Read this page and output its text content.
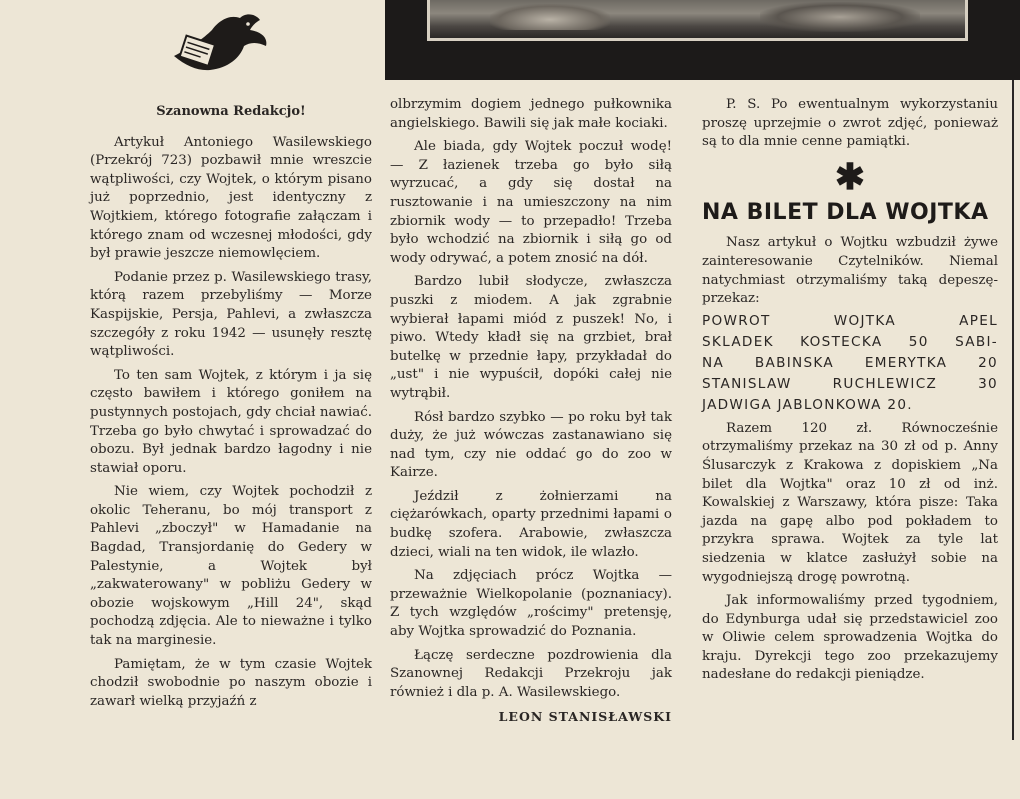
Szanowna Redakcjo!

Artykuł Antoniego Wasilewskiego (Przekrój 723) pozbawił mnie wreszcie wątpliwości, czy Wojtek, o którym pisano już poprzednio, jest identyczny z Wojtkiem, którego fotografie załączam i którego znam od wczesnej młodości, gdy był prawie jeszcze niemowlęciem.

Podanie przez p. Wasilewskiego trasy, którą razem przebyliśmy — Morze Kaspijskie, Persja, Pahlevi, a zwłaszcza szczegóły z roku 1942 — usunęły resztę wątpliwości.

To ten sam Wojtek, z którym i ja się często bawiłem i którego goniłem na pustynnych postojach, gdy chciał nawiać. Trzeba go było chwytać i sprowadzać do obozu. Był jednak bardzo łagodny i nie stawiał oporu.

Nie wiem, czy Wojtek pochodził z okolic Teheranu, bo mój transport z Pahlevi „zboczył" w Hamadanie na Bagdad, Transjordanię do Gedery w Palestynie, a Wojtek był „zakwaterowany" w pobliżu Gedery w obozie wojskowym „Hill 24", skąd pochodzą zdjęcia. Ale to nieważne i tylko tak na marginesie.

Pamiętam, że w tym czasie Wojtek chodził swobodnie po naszym obozie i zawarł wielką przyjaźń z

olbrzymim dogiem jednego pułkownika angielskiego. Bawili się jak małe kociaki.

Ale biada, gdy Wojtek poczuł wodę! — Z łazienek trzeba go było siłą wyrzucać, a gdy się dostał na rusztowanie i na umieszczony na nim zbiornik wody — to przepadło! Trzeba było wchodzić na zbiornik i siłą go od wody odrywać, a potem znosić na dół.

Bardzo lubił słodycze, zwłaszcza puszki z miodem. A jak zgrabnie wybierał łapami miód z puszek! No, i piwo. Wtedy kładł się na grzbiet, brał butelkę w przednie łapy, przykładał do „ust" i nie wypuścił, dopóki całej nie wytrąbił.

Rósł bardzo szybko — po roku był tak duży, że już wówczas zastanawiano się nad tym, czy nie oddać go do zoo w Kairze.

Jeździł z żołnierzami na ciężarówkach, oparty przednimi łapami o budkę szofera. Arabowie, zwłaszcza dzieci, wiali na ten widok, ile wlazło.

Na zdjęciach prócz Wojtka — przeważnie Wielkopolanie (poznaniacy). Z tych względów „rościmy" pretensję, aby Wojtka sprowadzić do Poznania.

Łączę serdeczne pozdrowienia dla Szanownej Redakcji Przekroju jak również i dla p. A. Wasilewskiego.

LEON STANISŁAWSKI

P. S. Po ewentualnym wykorzystaniu proszę uprzejmie o zwrot zdjęć, ponieważ są to dla mnie cenne pamiątki.

✱
NA BILET DLA WOJTKA

Nasz artykuł o Wojtku wzbudził żywe zainteresowanie Czytelników. Niemal natychmiast otrzymaliśmy taką depeszę-przekaz:

POWROT WOJTKA APEL
SKLADEK KOSTECKA 50 SABI-
NA BABINSKA EMERYTKA 20
STANISLAW RUCHLEWICZ 30
JADWIGA JABLONKOWA 20.

Razem 120 zł. Równocześnie otrzymaliśmy przekaz na 30 zł od p. Anny Ślusarczyk z Krakowa z dopiskiem „Na bilet dla Wojtka" oraz 10 zł od inż. Kowalskiej z Warszawy, która pisze: Taka jazda na gapę albo pod pokładem to przykra sprawa. Wojtek za tyle lat siedzenia w klatce zasłużył sobie na wygodniejszą drogę powrotną.

Jak informowaliśmy przed tygodniem, do Edynburga udał się przedstawiciel zoo w Oliwie celem sprowadzenia Wojtka do kraju. Dyrekcji tego zoo przekazujemy nadesłane do redakcji pieniądze.
